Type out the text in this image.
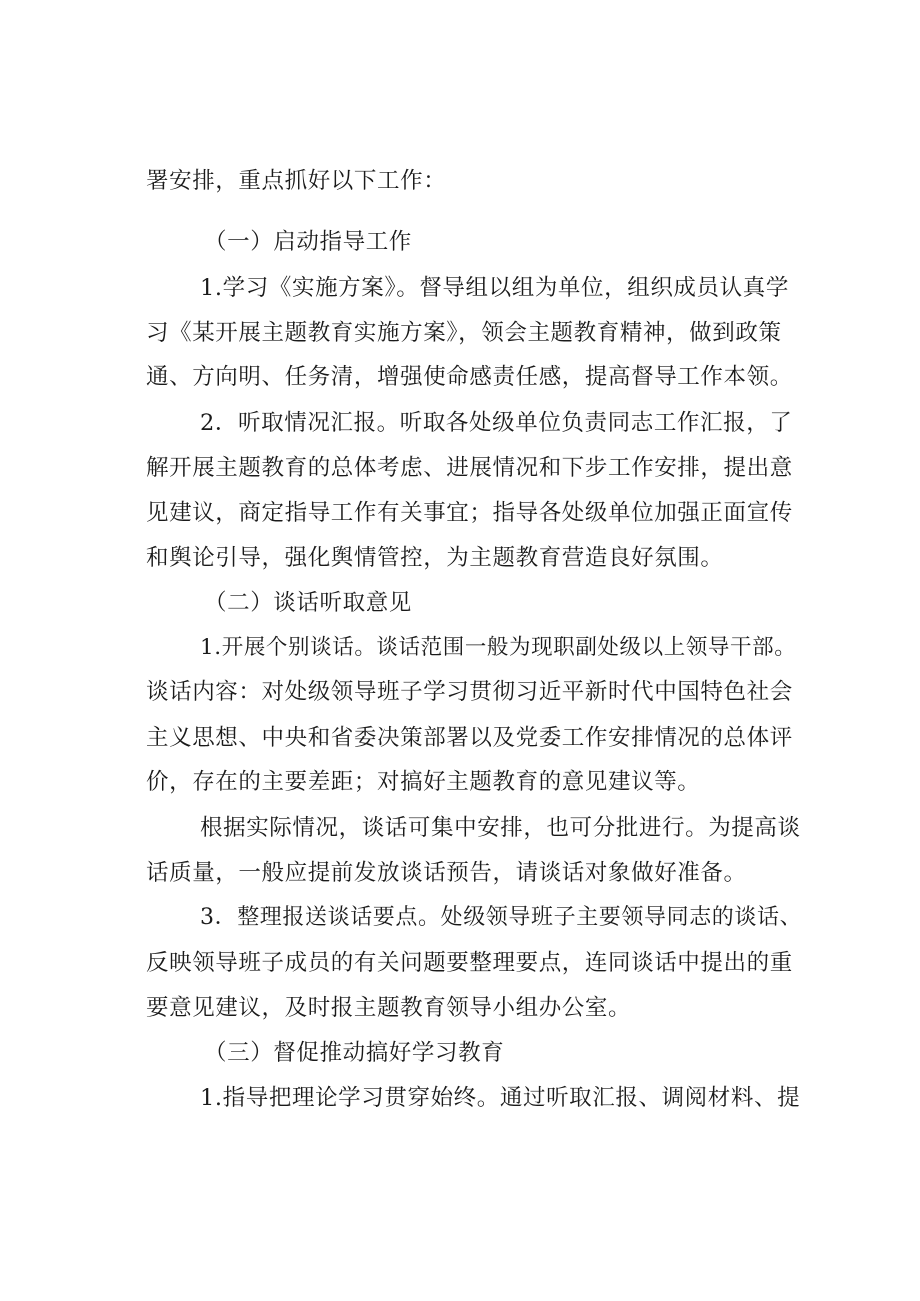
署安排，重点抓好以下工作：
（一）启动指导工作
1.学习《实施方案》。督导组以组为单位，组织成员认真学
习《某开展主题教育实施方案》，领会主题教育精神，做到政策
通、方向明、任务清，增强使命感责任感，提高督导工作本领。
2．听取情况汇报。听取各处级单位负责同志工作汇报，了
解开展主题教育的总体考虑、进展情况和下步工作安排，提出意
见建议，商定指导工作有关事宜；指导各处级单位加强正面宣传
和舆论引导，强化舆情管控，为主题教育营造良好氛围。
（二）谈话听取意见
1.开展个别谈话。谈话范围一般为现职副处级以上领导干部。
谈话内容：对处级领导班子学习贯彻习近平新时代中国特色社会
主义思想、中央和省委决策部署以及党委工作安排情况的总体评
价，存在的主要差距；对搞好主题教育的意见建议等。
根据实际情况，谈话可集中安排，也可分批进行。为提高谈
话质量，一般应提前发放谈话预告，请谈话对象做好准备。
3．整理报送谈话要点。处级领导班子主要领导同志的谈话、
反映领导班子成员的有关问题要整理要点，连同谈话中提出的重
要意见建议，及时报主题教育领导小组办公室。
（三）督促推动搞好学习教育
1.指导把理论学习贯穿始终。通过听取汇报、调阅材料、提
